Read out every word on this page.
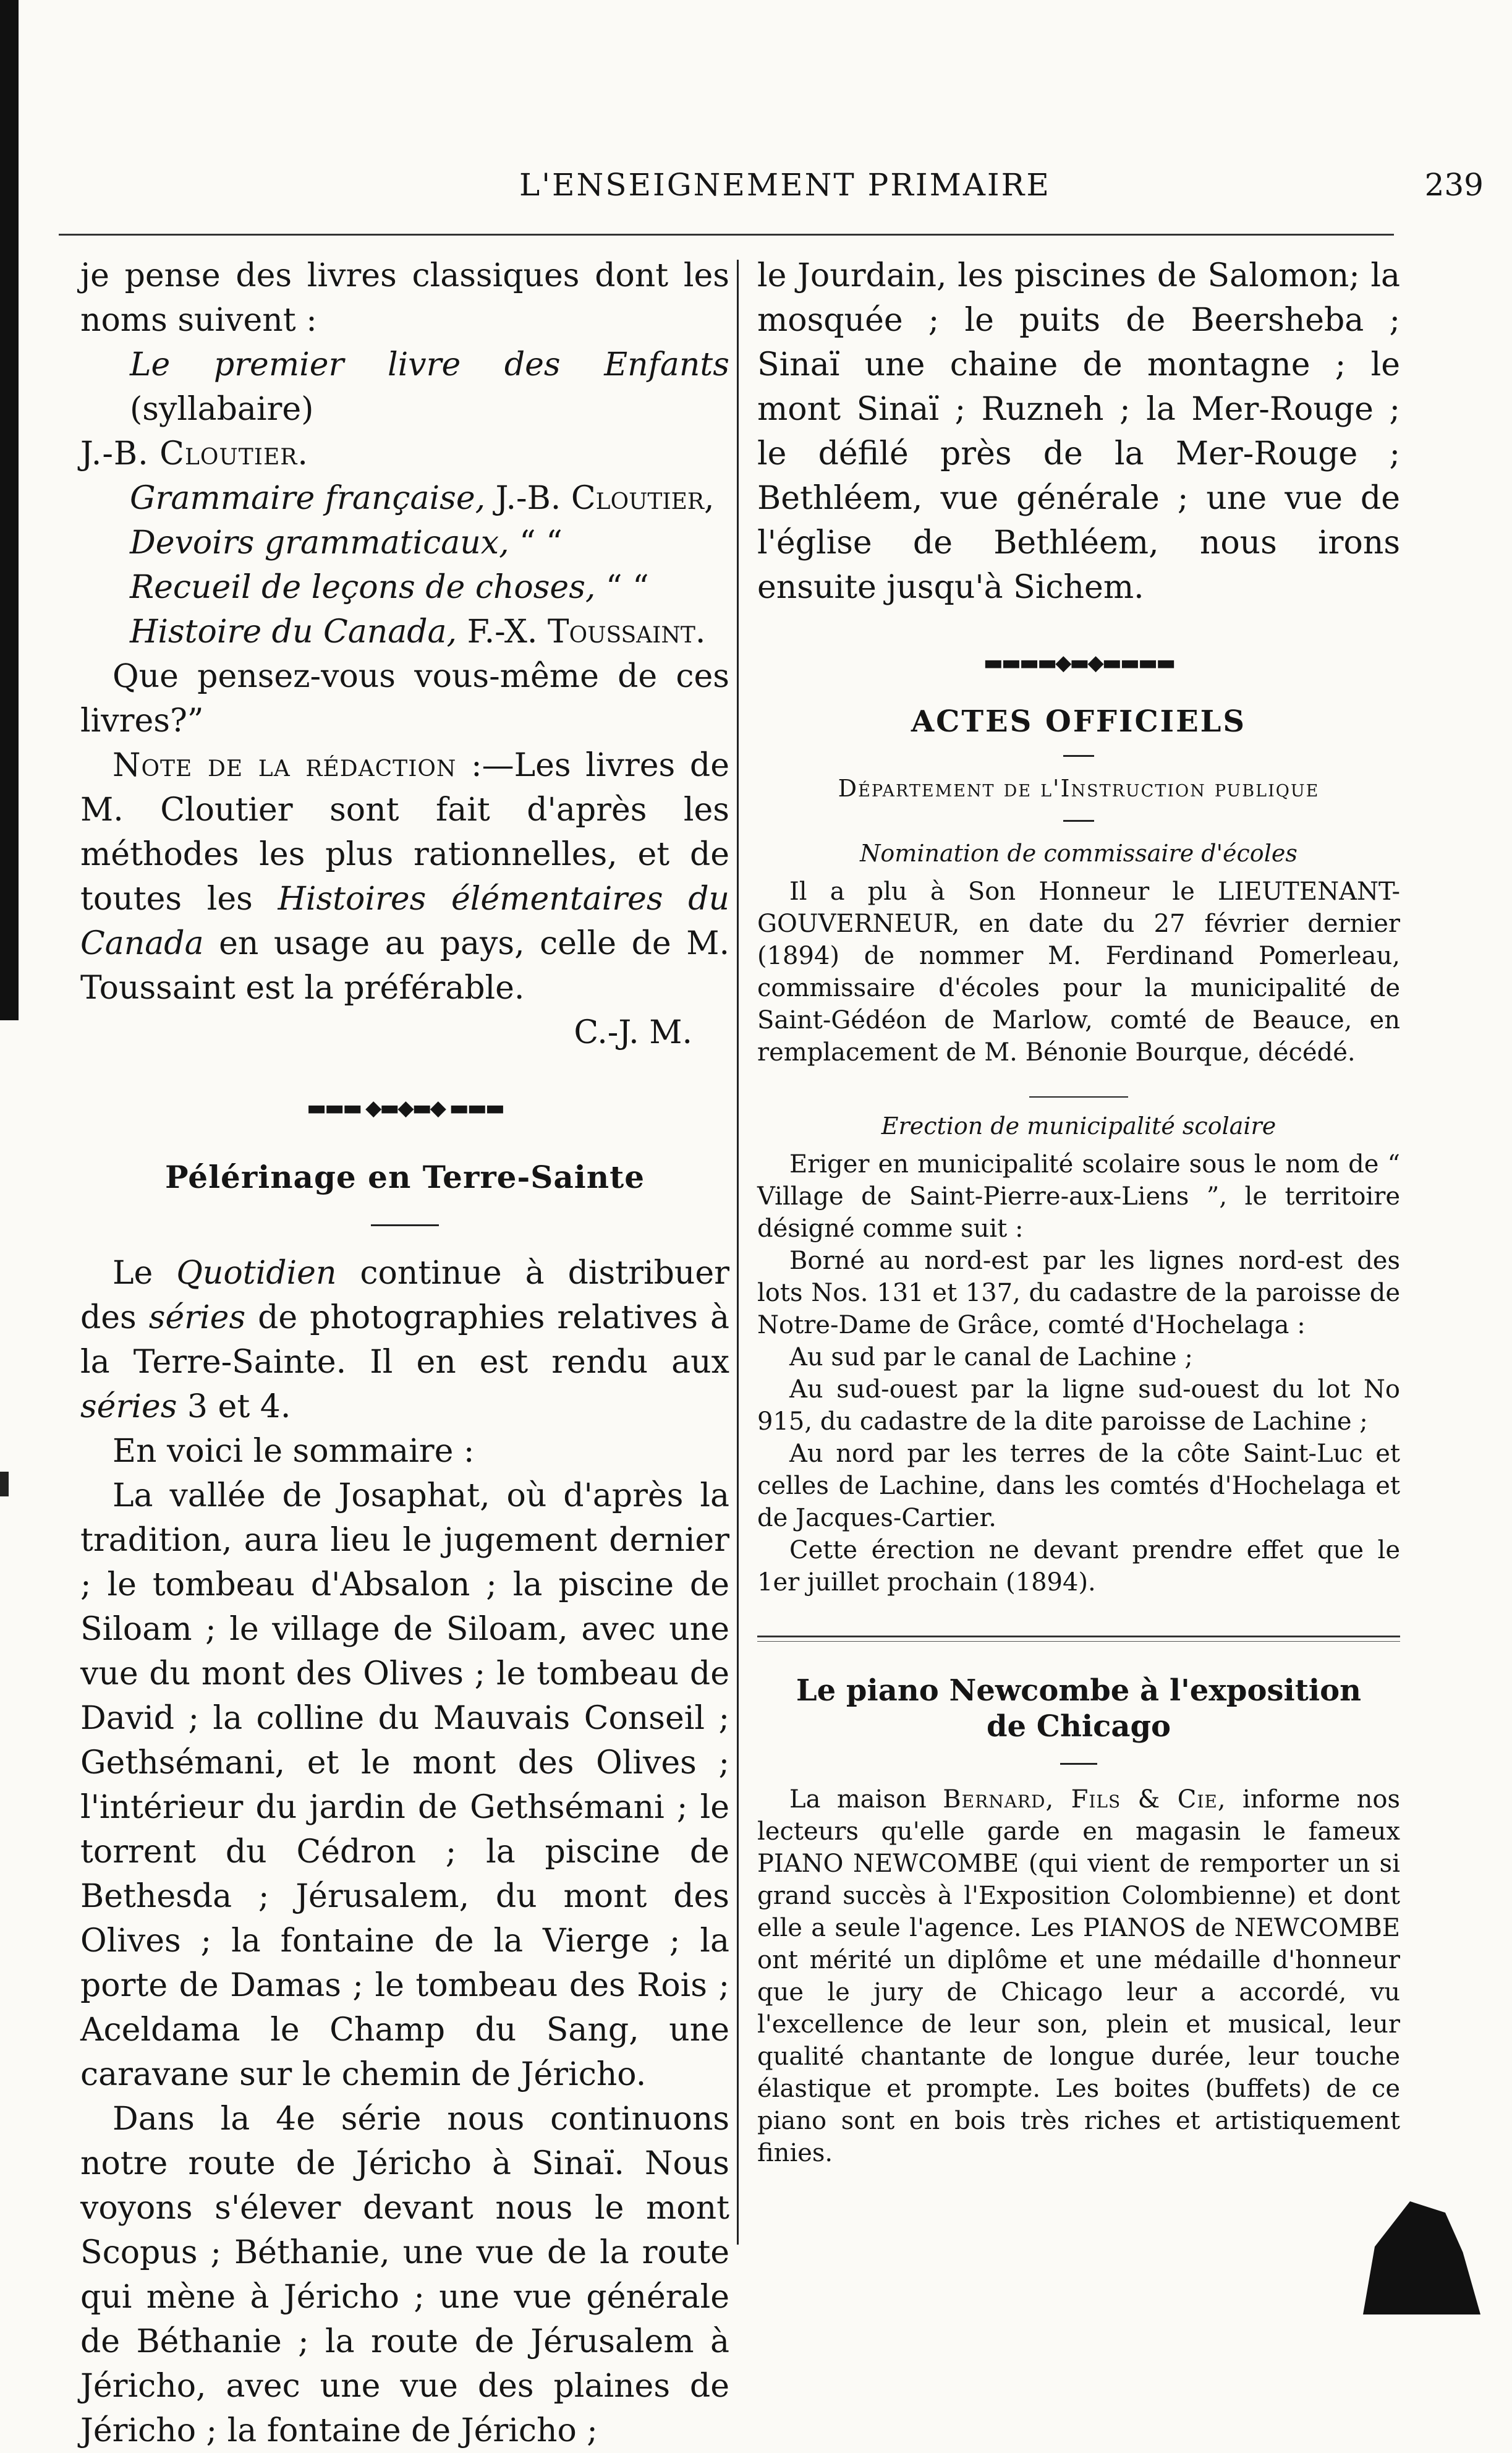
L'ENSEIGNEMENT PRIMAIRE	239

je pense des livres classiques dont les noms suivent :

Le premier livre des Enfants (syllabaire)
J.-B. Cloutier.
Grammaire française, J.-B. Cloutier,
Devoirs grammaticaux, “ “
Recueil de leçons de choses, “ “
Histoire du Canada, F.-X. Toussaint.

Que pensez-vous vous-même de ces livres?”

Note de la rédaction :—Les livres de M. Cloutier sont fait d'après les méthodes les plus rationnelles, et de toutes les Histoires élémentaires du Canada en usage au pays, celle de M. Toussaint est la préférable.

C.-J. M.

▬▬▬ ◆▬◆▬◆ ▬▬▬
Pélérinage en Terre-Sainte

Le Quotidien continue à distribuer des séries de photographies relatives à la Terre-Sainte. Il en est rendu aux séries 3 et 4.

En voici le sommaire :

La vallée de Josaphat, où d'après la tradition, aura lieu le jugement dernier ; le tombeau d'Absalon ; la piscine de Siloam ; le village de Siloam, avec une vue du mont des Olives ; le tombeau de David ; la colline du Mauvais Conseil ; Gethsémani, et le mont des Olives ; l'intérieur du jardin de Gethsémani ; le torrent du Cédron ; la piscine de Bethesda ; Jérusalem, du mont des Olives ; la fontaine de la Vierge ; la porte de Damas ; le tombeau des Rois ; Aceldama le Champ du Sang, une caravane sur le chemin de Jéricho.

Dans la 4e série nous continuons notre route de Jéricho à Sinaï. Nous voyons s'élever devant nous le mont Scopus ; Béthanie, une vue de la route qui mène à Jéricho ; une vue générale de Béthanie ; la route de Jérusalem à Jéricho, avec une vue des plaines de Jéricho ; la fontaine de Jéricho ;

le Jourdain, les piscines de Salomon; la mosquée ; le puits de Beersheba ; Sinaï une chaine de montagne ; le mont Sinaï ; Ruzneh ; la Mer-Rouge ; le défilé près de la Mer-Rouge ; Bethléem, vue générale ; une vue de l'église de Bethléem, nous irons ensuite jusqu'à Sichem.

▬▬▬▬◆▬◆▬▬▬▬
ACTES OFFICIELS

Département de l'Instruction publique

Nomination de commissaire d'écoles

Il a plu à Son Honneur le LIEUTENANT-GOUVERNEUR, en date du 27 février dernier (1894) de nommer M. Ferdinand Pomerleau, commissaire d'écoles pour la municipalité de Saint-Gédéon de Marlow, comté de Beauce, en remplacement de M. Bénonie Bourque, décédé.

Erection de municipalité scolaire

Eriger en municipalité scolaire sous le nom de “ Village de Saint-Pierre-aux-Liens ”, le territoire désigné comme suit :

Borné au nord-est par les lignes nord-est des lots Nos. 131 et 137, du cadastre de la paroisse de Notre-Dame de Grâce, comté d'Hochelaga :

Au sud par le canal de Lachine ;

Au sud-ouest par la ligne sud-ouest du lot No 915, du cadastre de la dite paroisse de Lachine ;

Au nord par les terres de la côte Saint-Luc et celles de Lachine, dans les comtés d'Hochelaga et de Jacques-Cartier.

Cette érection ne devant prendre effet que le 1er juillet prochain (1894).

Le piano Newcombe à l'exposition de Chicago

La maison Bernard, Fils & Cie, informe nos lecteurs qu'elle garde en magasin le fameux PIANO NEWCOMBE (qui vient de remporter un si grand succès à l'Exposition Colombienne) et dont elle a seule l'agence. Les PIANOS de NEWCOMBE ont mérité un diplôme et une médaille d'honneur que le jury de Chicago leur a accordé, vu l'excellence de leur son, plein et musical, leur qualité chantante de longue durée, leur touche élastique et prompte. Les boites (buffets) de ce piano sont en bois très riches et artistiquement finies.
